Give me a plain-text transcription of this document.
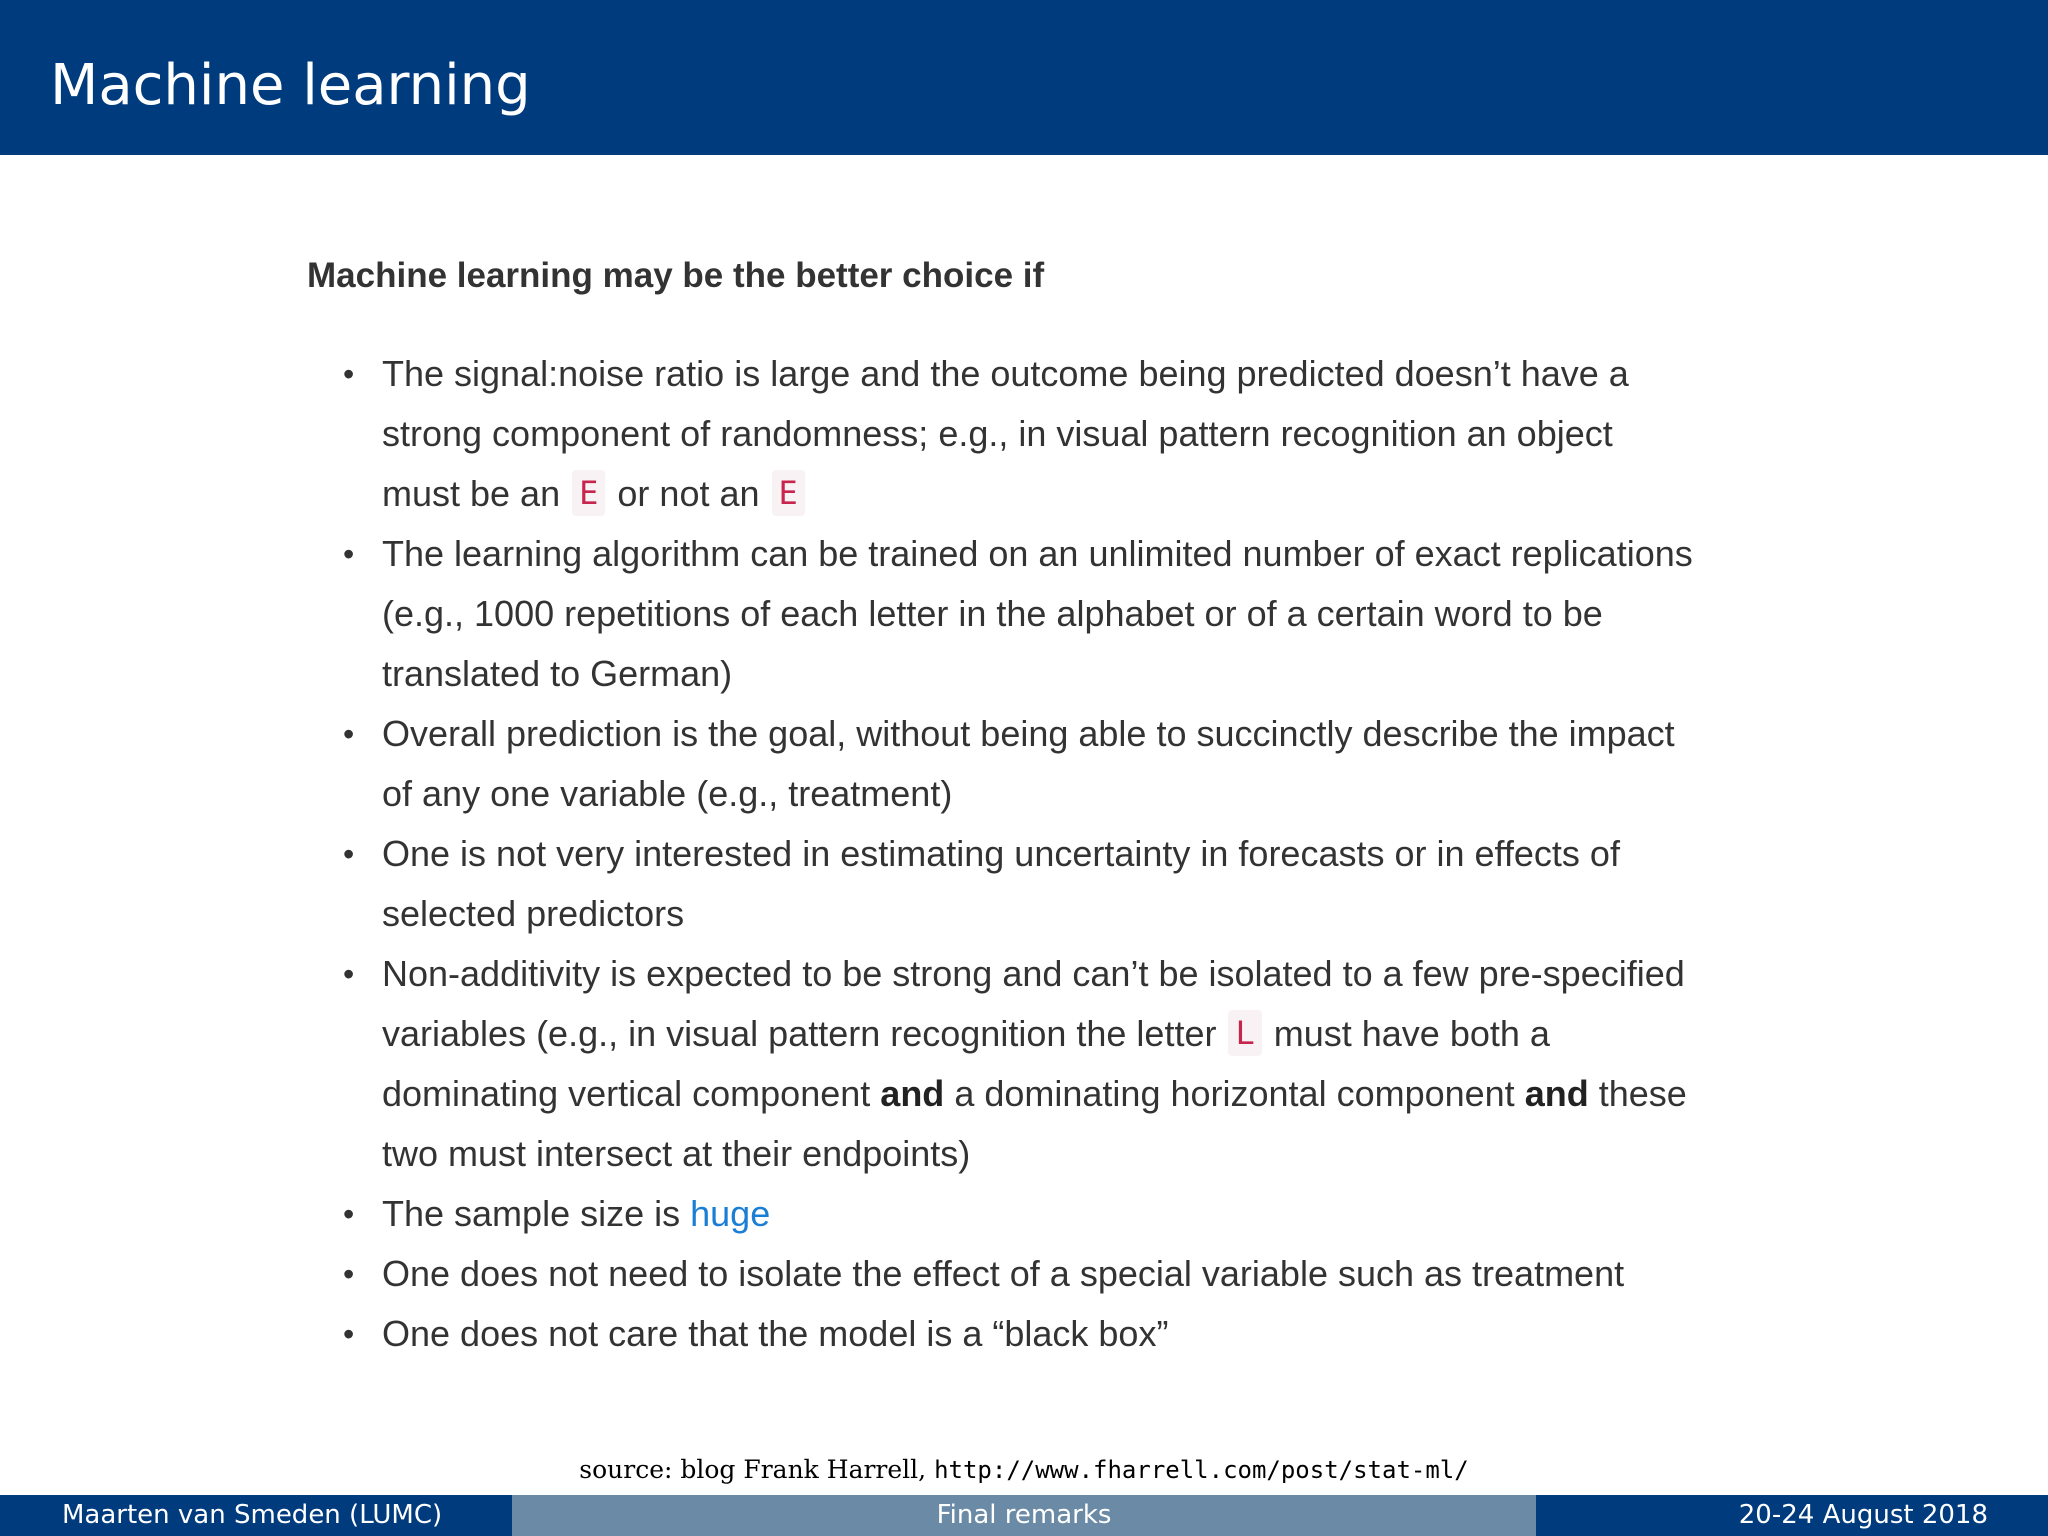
Machine learning
Machine learning may be the better choice if
• The signal:noise ratio is large and the outcome being predicted doesn’t have a strong component of randomness; e.g., in visual pattern recognition an object must be an E or not an E
• The learning algorithm can be trained on an unlimited number of exact replications (e.g., 1000 repetitions of each letter in the alphabet or of a certain word to be translated to German)
• Overall prediction is the goal, without being able to succinctly describe the impact of any one variable (e.g., treatment)
• One is not very interested in estimating uncertainty in forecasts or in effects of selected predictors
• Non-additivity is expected to be strong and can’t be isolated to a few pre-specified variables (e.g., in visual pattern recognition the letter L must have both a dominating vertical component and a dominating horizontal component and these two must intersect at their endpoints)
• The sample size is huge
• One does not need to isolate the effect of a special variable such as treatment
• One does not care that the model is a “black box”
source: blog Frank Harrell, http://www.fharrell.com/post/stat-ml/
Maarten van Smeden (LUMC)	Final remarks	20-24 August 2018
